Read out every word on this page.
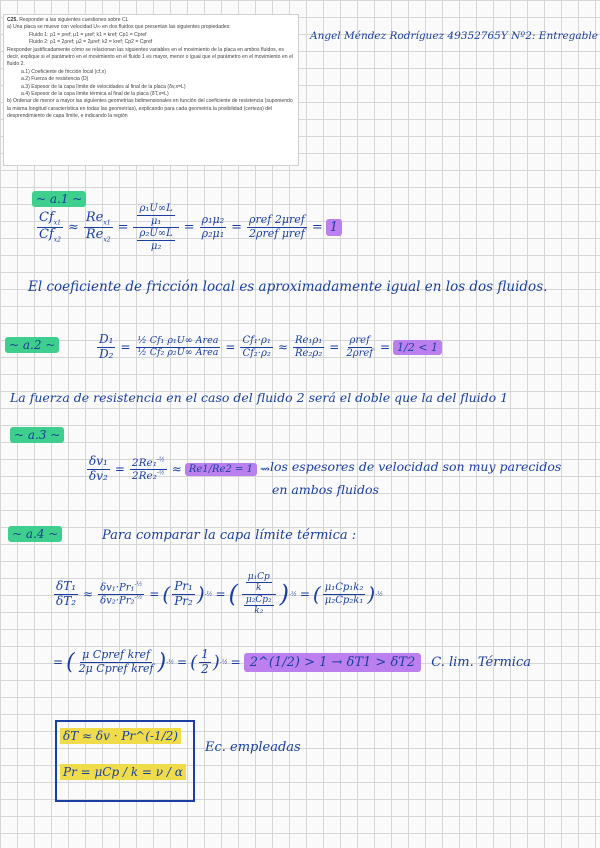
C25. Responder a las siguientes cuestiones sobre CL
a) Una placa se mueve con velocidad U∞ en dos fluidos que presentan las siguientes propiedades:
Fluido 1: ρ1 = ρref; μ1 = μref; k1 = kref; Cp1 = Cpref
Fluido 2: ρ1 = 2ρref; μ2 = 2μref; k2 = kref; Cp2 = Cpref
Responder justificadamente cómo se relacionan las siguientes variables en el movimiento de la placa en ambos fluidos, es decir, explique si el parámetro en el movimiento en el fluido 1 es mayor, menor o igual que el parámetro en el movimiento en el fluido 2.
a.1) Coeficiente de fricción local (cf,x)
a.2) Fuerza de resistencia (D)
a.3) Espesor de la capa límite de velocidades al final de la placa (δv,x=L)
a.4) Espesor de la capa límite térmica al final de la placa (δT,x=L)
b) Ordenar de menor a mayor las siguientes geometrías bidimensionales en función del coeficiente de resistencia (suponiendo la misma longitud característica en todas las geometrías), explicando para cada geometría la posibilidad (certeza) del desprendimiento de capa límite, e indicando la región
Angel Méndez Rodríguez 49352765Y Nº2: Entregable
~ a.1 ~
$\frac{Cf_{x1}}{Cf_{x2}} \approx \frac{Re_{x1}}{Re_{x2}} = \frac{\frac{\text{ρ₁U∞L}}{\text{μ₁}}}{\frac{\text{ρ₂U∞L}}{\text{μ₂}}} = \frac{\text{ρ₁μ₂}}{\text{ρ₂μ₁}} = \frac{\text{ρref 2μref}}{\text{2ρref μref}} = 1$
El coeficiente de fricción local es aproximadamente igual en los dos fluidos.
~ a.2 ~	$\frac{\text{D₁}}{\text{D₂}} = \frac{\text{½ Cf₁ ρ₁U∞ Area}}{\text{½ Cf₂ ρ₂U∞ Area}} = \frac{\text{Cf₁·ρ₁}}{\text{Cf₂·ρ₂}} \approx \frac{\text{Re₁ρ₁}}{\text{Re₂ρ₂}} = \frac{\text{ρref}}{\text{2ρref}} = 1/2 < 1$
La fuerza de resistencia en el caso del fluido 2 será el doble que la del fluido 1
~ a.3 ~
$\frac{\text{δv₁}}{\text{δv₂}} = \frac{2Re_1^{-\frac{1}{2}}}{2Re_2^{-\frac{1}{2}}} \approx Re1/Re2 = 1$ ⇝ los espesores de velocidad son muy parecidos
en ambos fluidos
~ a.4 ~	Para comparar la capa límite térmica :
$\frac{\text{δT₁}}{\text{δT₂}} \approx \frac{\delta v_1\cdot Pr_1^{-\frac{1}{2}}}{\delta v_2\cdot Pr_2^{-\frac{1}{2}}}$ = ( $\frac{\text{Pr₁}}{\text{Pr₂}}$ ) -½ = ( $\frac{\frac{\text{μ₁Cp}}{k}}{\frac{\text{μ₂Cp₂}}{\text{k₂}}}$ ) -½ = ( $\frac{\text{μ₁Cp₁k₂}}{\text{μ₂Cp₂k₁}}$ ) -½
= ( $\frac{\text{μ Cpref kref}}{\text{2μ Cpref kref}}$ ) -½ = ( $\frac{1}{2}$ ) -½ = 2^(1/2) > 1 → δT1 > δT2	C. lim. Térmica
δT ≈ δv · Pr^(-1/2)
Pr = μCp / k = ν / α
Ec. empleadas
